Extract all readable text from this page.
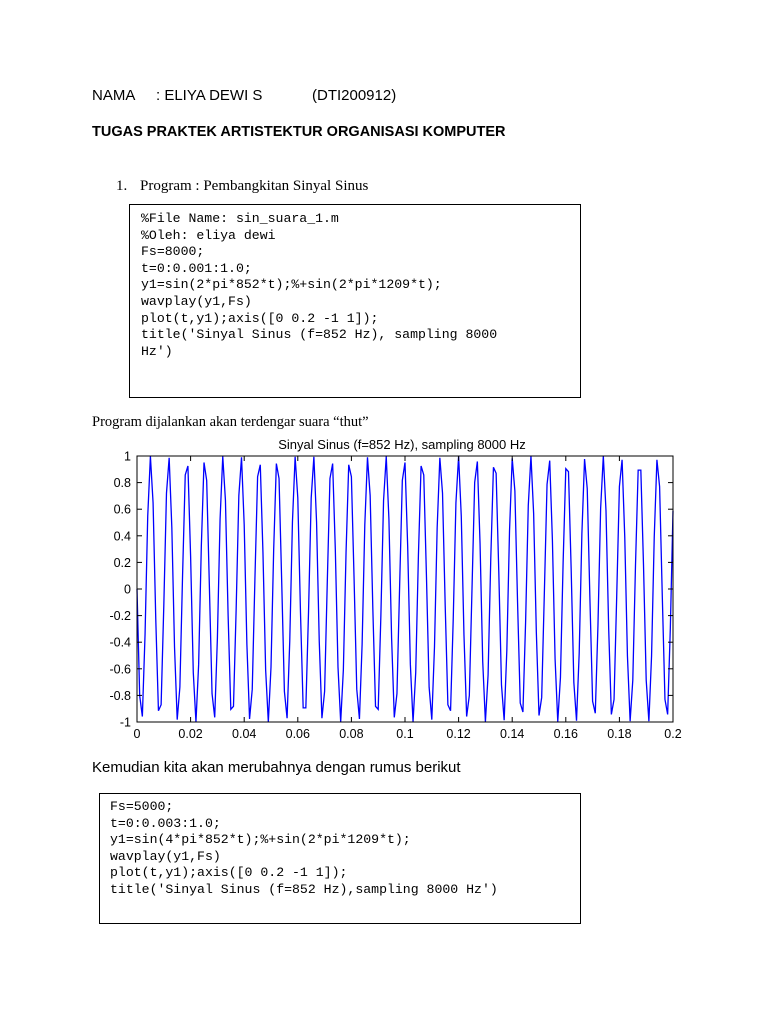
NAMA

: ELIYA DEWI S

	(DTI200912)

TUGAS PRAKTEK ARTISTEKTUR ORGANISASI KOMPUTER
1. Program : Pembangkitan Sinyal Sinus
%File Name: sin_suara_1.m
%Oleh: eliya dewi
Fs=8000;
t=0:0.001:1.0;
y1=sin(2*pi*852*t);%+sin(2*pi*1209*t);
wavplay(y1,Fs)
plot(t,y1);axis([0 0.2 -1 1]);
title('Sinyal Sinus (f=852 Hz), sampling 8000
Hz')
Program dijalankan akan terdengar suara “thut”
Sinyal Sinus (f=852 Hz), sampling 8000 Hz
0	0.02 0.04 0.06 0.08	0.1	0.12 0.14 0.16 0.18	0.2
1
0.8
0.6
0.4
0.2
0
-0.2
-0.4
-0.6
-0.8
-1
Kemudian kita akan merubahnya dengan rumus berikut
Fs=5000;
t=0:0.003:1.0;
y1=sin(4*pi*852*t);%+sin(2*pi*1209*t);
wavplay(y1,Fs)
plot(t,y1);axis([0 0.2 -1 1]);
title('Sinyal Sinus (f=852 Hz),sampling 8000 Hz')
